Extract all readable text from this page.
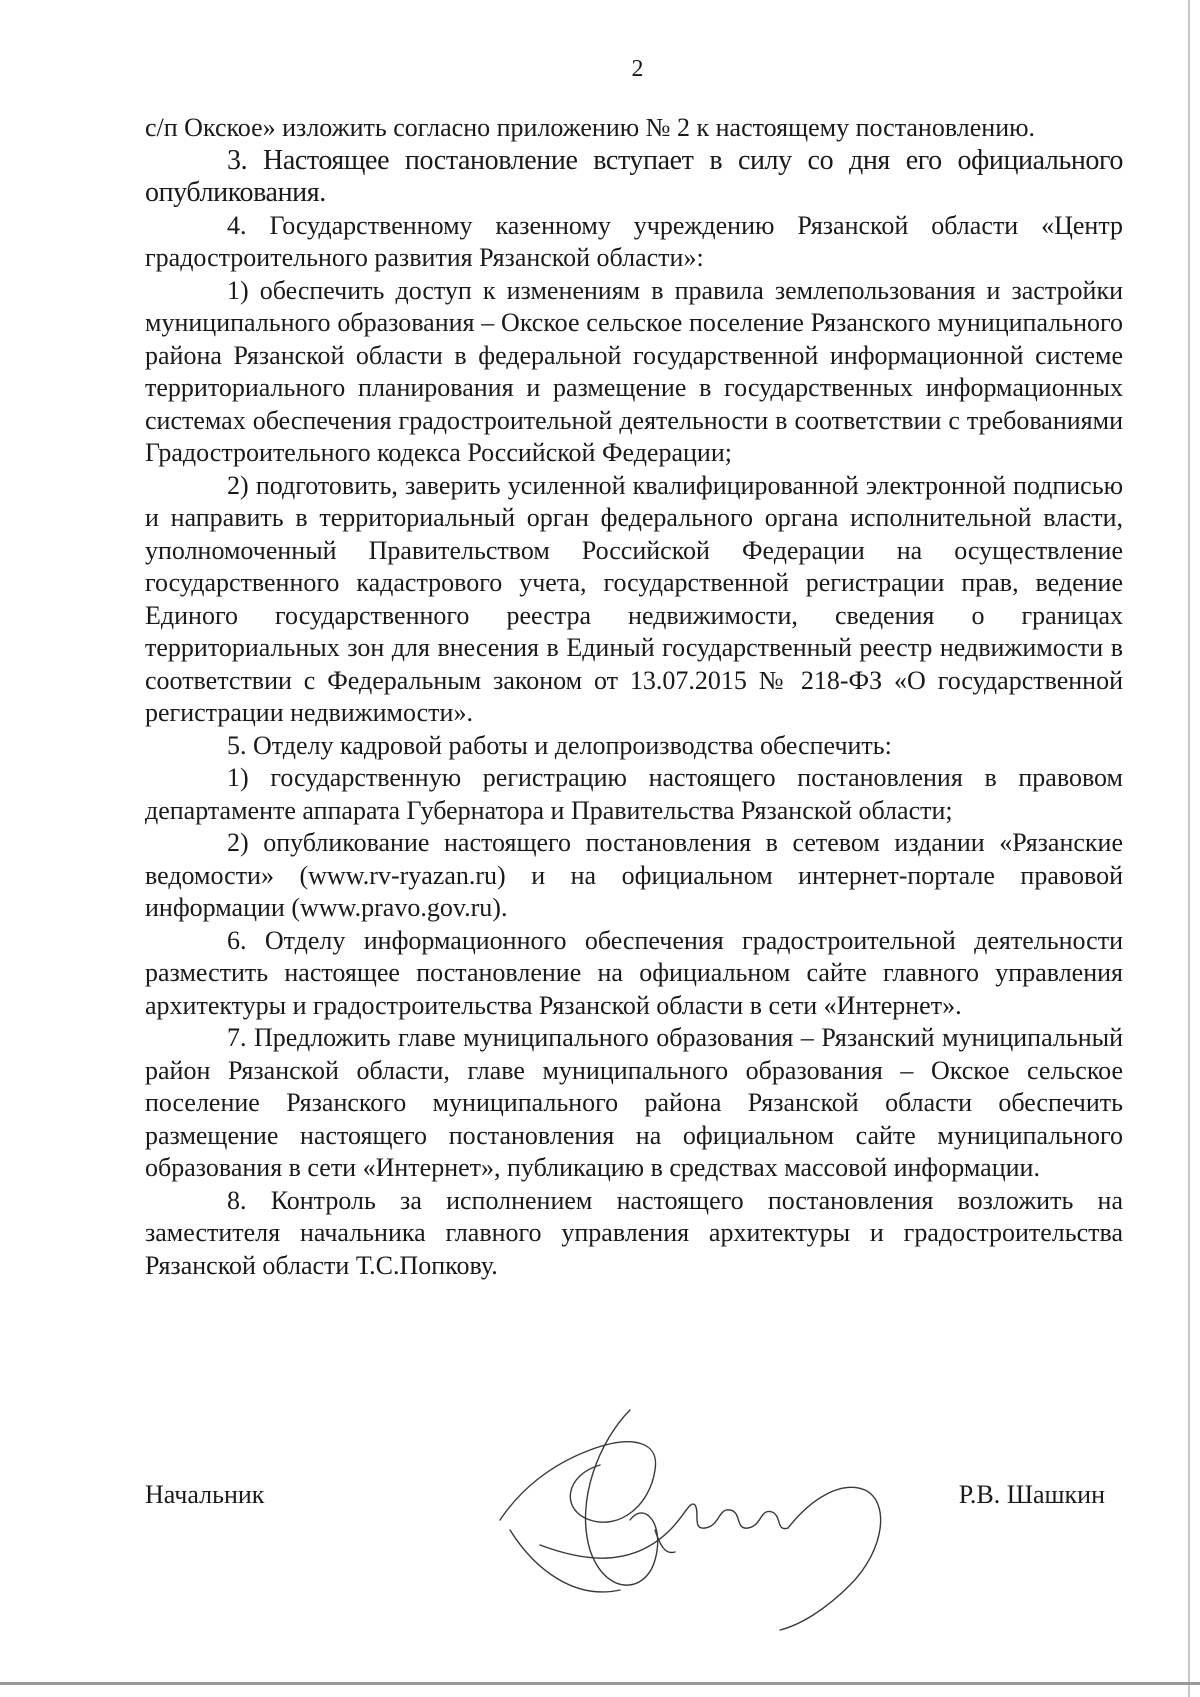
2

с/п Окское» изложить согласно приложению № 2 к настоящему постановлению.

3. Настоящее постановление вступает в силу со дня его официального опубликования.

4. Государственному казенному учреждению Рязанской области «Центр градостроительного развития Рязанской области»:

1) обеспечить доступ к изменениям в правила землепользования и застройки муниципального образования – Окское сельское поселение Рязанского муниципального района Рязанской области в федеральной государственной информационной системе территориального планирования и размещение в государственных информационных системах обеспечения градостроительной деятельности в соответствии с требованиями Градостроительного кодекса Российской Федерации;

2) подготовить, заверить усиленной квалифицированной электронной подписью и направить в территориальный орган федерального органа исполнительной власти, уполномоченный Правительством Российской Федерации на осуществление государственного кадастрового учета, государственной регистрации прав, ведение Единого государственного реестра недвижимости, сведения о границах территориальных зон для внесения в Единый государственный реестр недвижимости в соответствии с Федеральным законом от 13.07.2015 № 218-ФЗ «О государственной регистрации недвижимости».

5. Отделу кадровой работы и делопроизводства обеспечить:

1) государственную регистрацию настоящего постановления в правовом департаменте аппарата Губернатора и Правительства Рязанской области;

2) опубликование настоящего постановления в сетевом издании «Рязанские ведомости» (www.rv-ryazan.ru) и на официальном интернет-портале правовой информации (www.pravo.gov.ru).

6. Отделу информационного обеспечения градостроительной деятельности разместить настоящее постановление на официальном сайте главного управления архитектуры и градостроительства Рязанской области в сети «Интернет».

7. Предложить главе муниципального образования – Рязанский муниципальный район Рязанской области, главе муниципального образования – Окское сельское поселение Рязанского муниципального района Рязанской области обеспечить размещение настоящего постановления на официальном сайте муниципального образования в сети «Интернет», публикацию в средствах массовой информации.

8. Контроль за исполнением настоящего постановления возложить на заместителя начальника главного управления архитектуры и градостроительства Рязанской области Т.С.Попкову.

Начальник	Р.В. Шашкин
